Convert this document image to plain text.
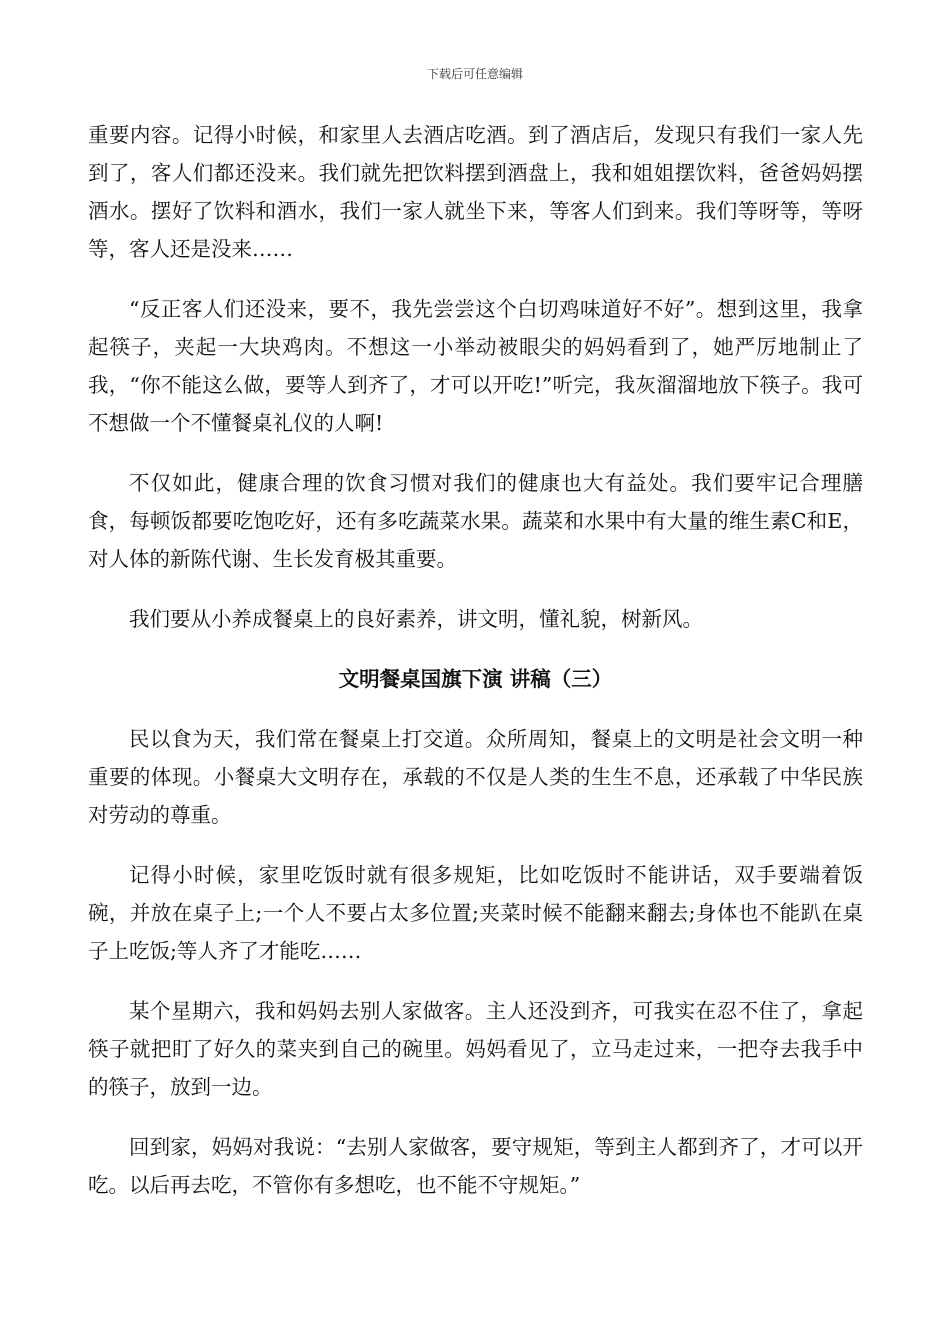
下载后可任意编辑

重要内容。记得小时候，和家里人去酒店吃酒。到了酒店后，发现只有我们一家人先到了，客人们都还没来。我们就先把饮料摆到酒盘上，我和姐姐摆饮料，爸爸妈妈摆酒水。摆好了饮料和酒水，我们一家人就坐下来，等客人们到来。我们等呀等，等呀等，客人还是没来……

“反正客人们还没来，要不，我先尝尝这个白切鸡味道好不好”。想到这里，我拿起筷子，夹起一大块鸡肉。不想这一小举动被眼尖的妈妈看到了，她严厉地制止了我，“你不能这么做，要等人到齐了，才可以开吃!”听完，我灰溜溜地放下筷子。我可不想做一个不懂餐桌礼仪的人啊!

不仅如此，健康合理的饮食习惯对我们的健康也大有益处。我们要牢记合理膳食，每顿饭都要吃饱吃好，还有多吃蔬菜水果。蔬菜和水果中有大量的维生素C和E，对人体的新陈代谢、生长发育极其重要。

我们要从小养成餐桌上的良好素养，讲文明，懂礼貌，树新风。

文明餐桌国旗下演 讲稿（三）

民以食为天，我们常在餐桌上打交道。众所周知，餐桌上的文明是社会文明一种重要的体现。小餐桌大文明存在，承载的不仅是人类的生生不息，还承载了中华民族对劳动的尊重。

记得小时候，家里吃饭时就有很多规矩，比如吃饭时不能讲话，双手要端着饭碗，并放在桌子上;一个人不要占太多位置;夹菜时候不能翻来翻去;身体也不能趴在桌子上吃饭;等人齐了才能吃……

某个星期六，我和妈妈去别人家做客。主人还没到齐，可我实在忍不住了，拿起筷子就把盯了好久的菜夹到自己的碗里。妈妈看见了，立马走过来，一把夺去我手中的筷子，放到一边。

回到家，妈妈对我说：“去别人家做客，要守规矩，等到主人都到齐了，才可以开吃。以后再去吃，不管你有多想吃，也不能不守规矩。”
